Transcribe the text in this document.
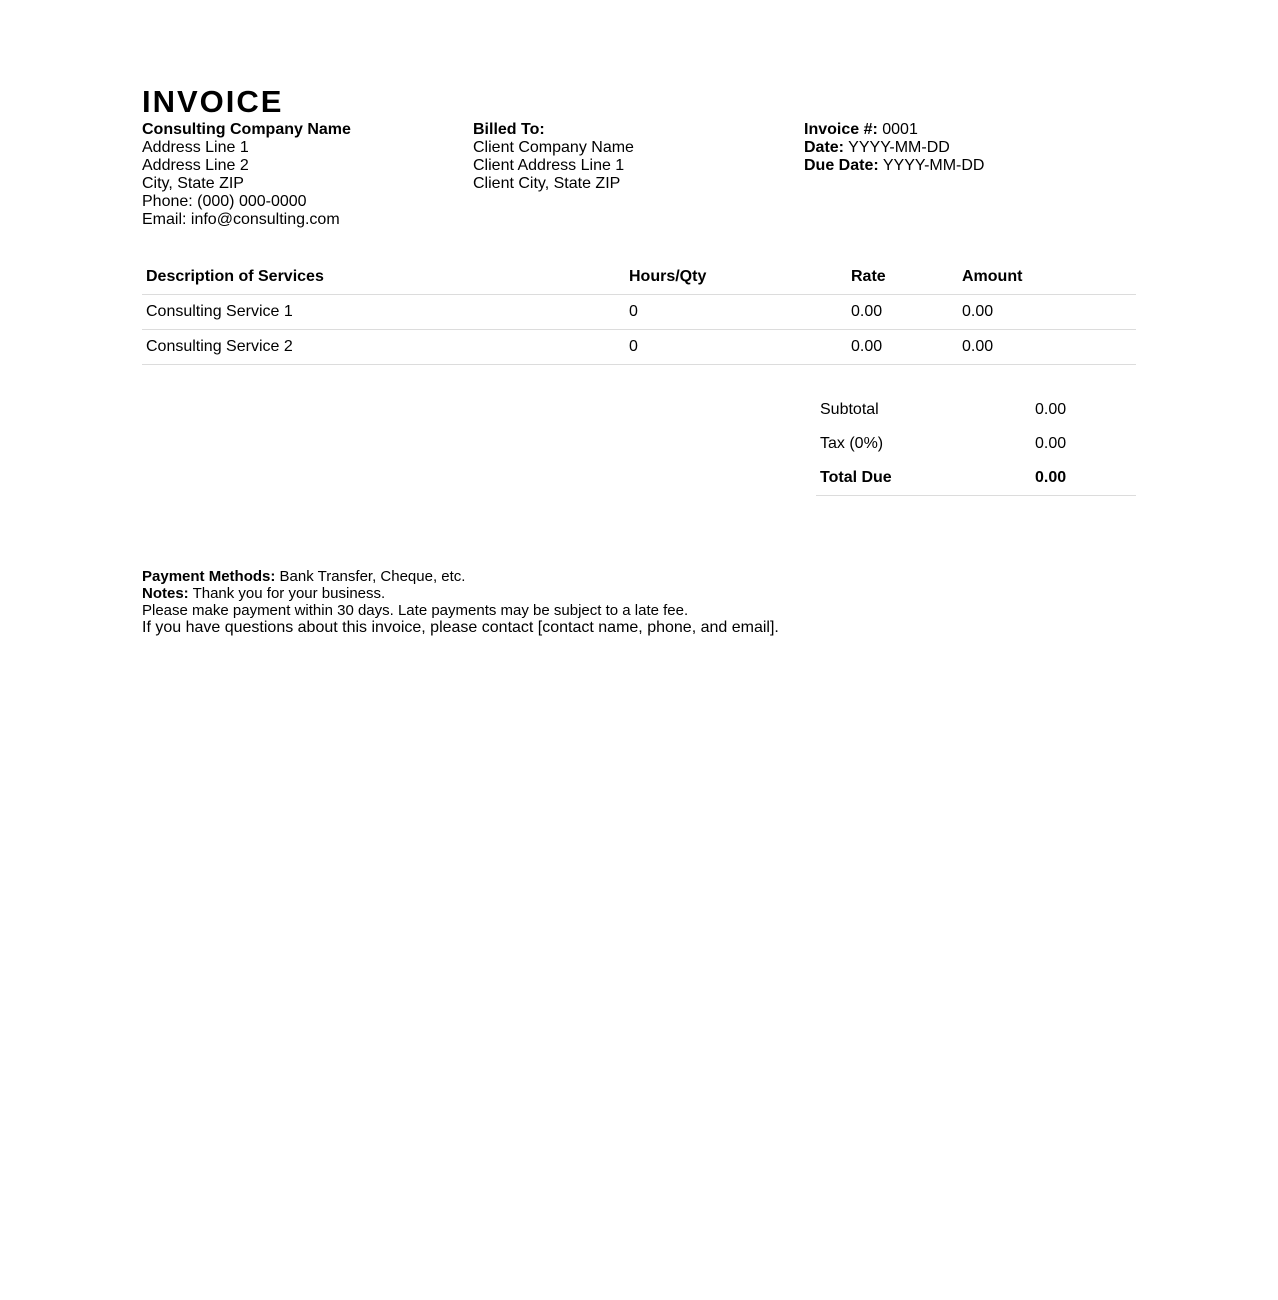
INVOICE
Consulting Company Name
Address Line 1
Address Line 2
City, State ZIP
Phone: (000) 000-0000
Email: info@consulting.com
Billed To:
Client Company Name
Client Address Line 1
Client City, State ZIP
Invoice #: 0001
Date: YYYY-MM-DD
Due Date: YYYY-MM-DD
Description of Services	Hours/Qty	Rate	Amount
Consulting Service 1	0	0.00	0.00
Consulting Service 2	0	0.00	0.00
Subtotal	0.00
Tax (0%)	0.00
Total Due	0.00
Payment Methods: Bank Transfer, Cheque, etc.
Notes: Thank you for your business.
Please make payment within 30 days. Late payments may be subject to a late fee.
If you have questions about this invoice, please contact [contact name, phone, and email].
